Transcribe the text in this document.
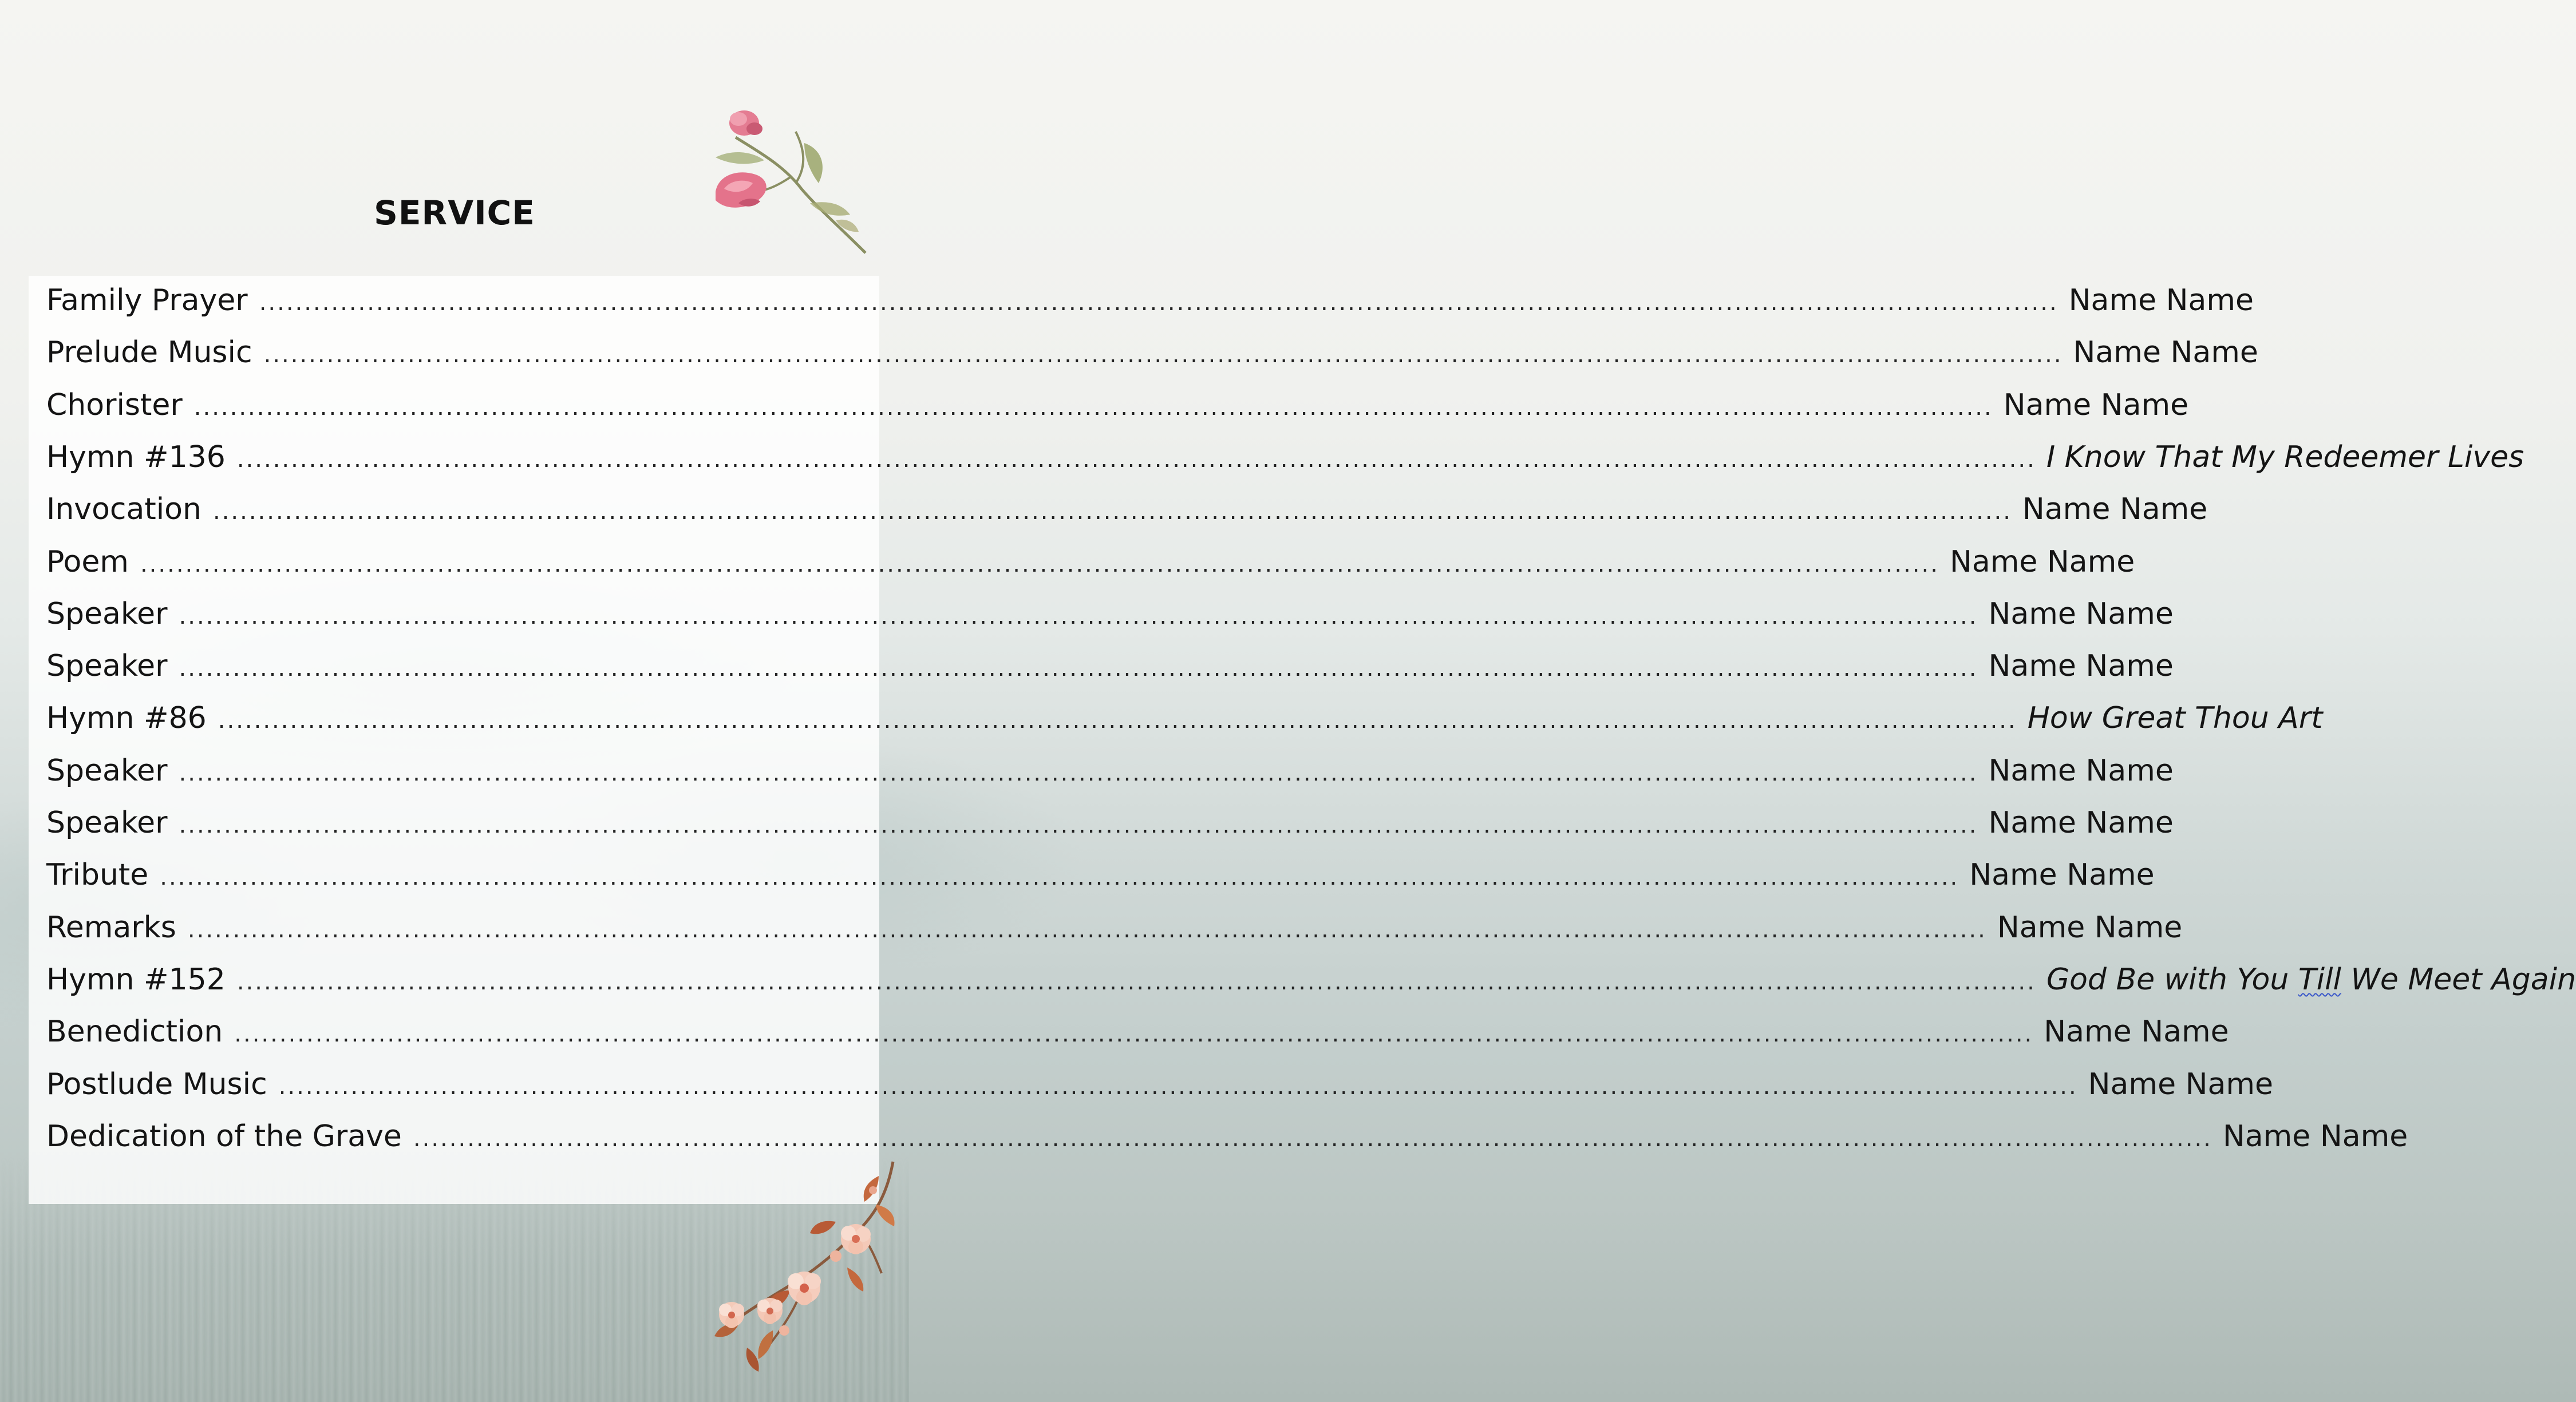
SERVICE
Family Prayer ........................................................................................................................................................................................................ Name Name
Prelude Music ........................................................................................................................................................................................................ Name Name
Chorister ........................................................................................................................................................................................................ Name Name
Hymn #136 ........................................................................................................................................................................................................ I Know That My Redeemer Lives
Invocation ........................................................................................................................................................................................................ Name Name
Poem ........................................................................................................................................................................................................ Name Name
Speaker ........................................................................................................................................................................................................ Name Name
Speaker ........................................................................................................................................................................................................ Name Name
Hymn #86 ........................................................................................................................................................................................................ How Great Thou Art
Speaker ........................................................................................................................................................................................................ Name Name
Speaker ........................................................................................................................................................................................................ Name Name
Tribute ........................................................................................................................................................................................................ Name Name
Remarks ........................................................................................................................................................................................................ Name Name
Hymn #152 ........................................................................................................................................................................................................ God Be with You Till We Meet Again
Benediction ........................................................................................................................................................................................................ Name Name
Postlude Music ........................................................................................................................................................................................................ Name Name
Dedication of the Grave ........................................................................................................................................................................................................ Name Name
